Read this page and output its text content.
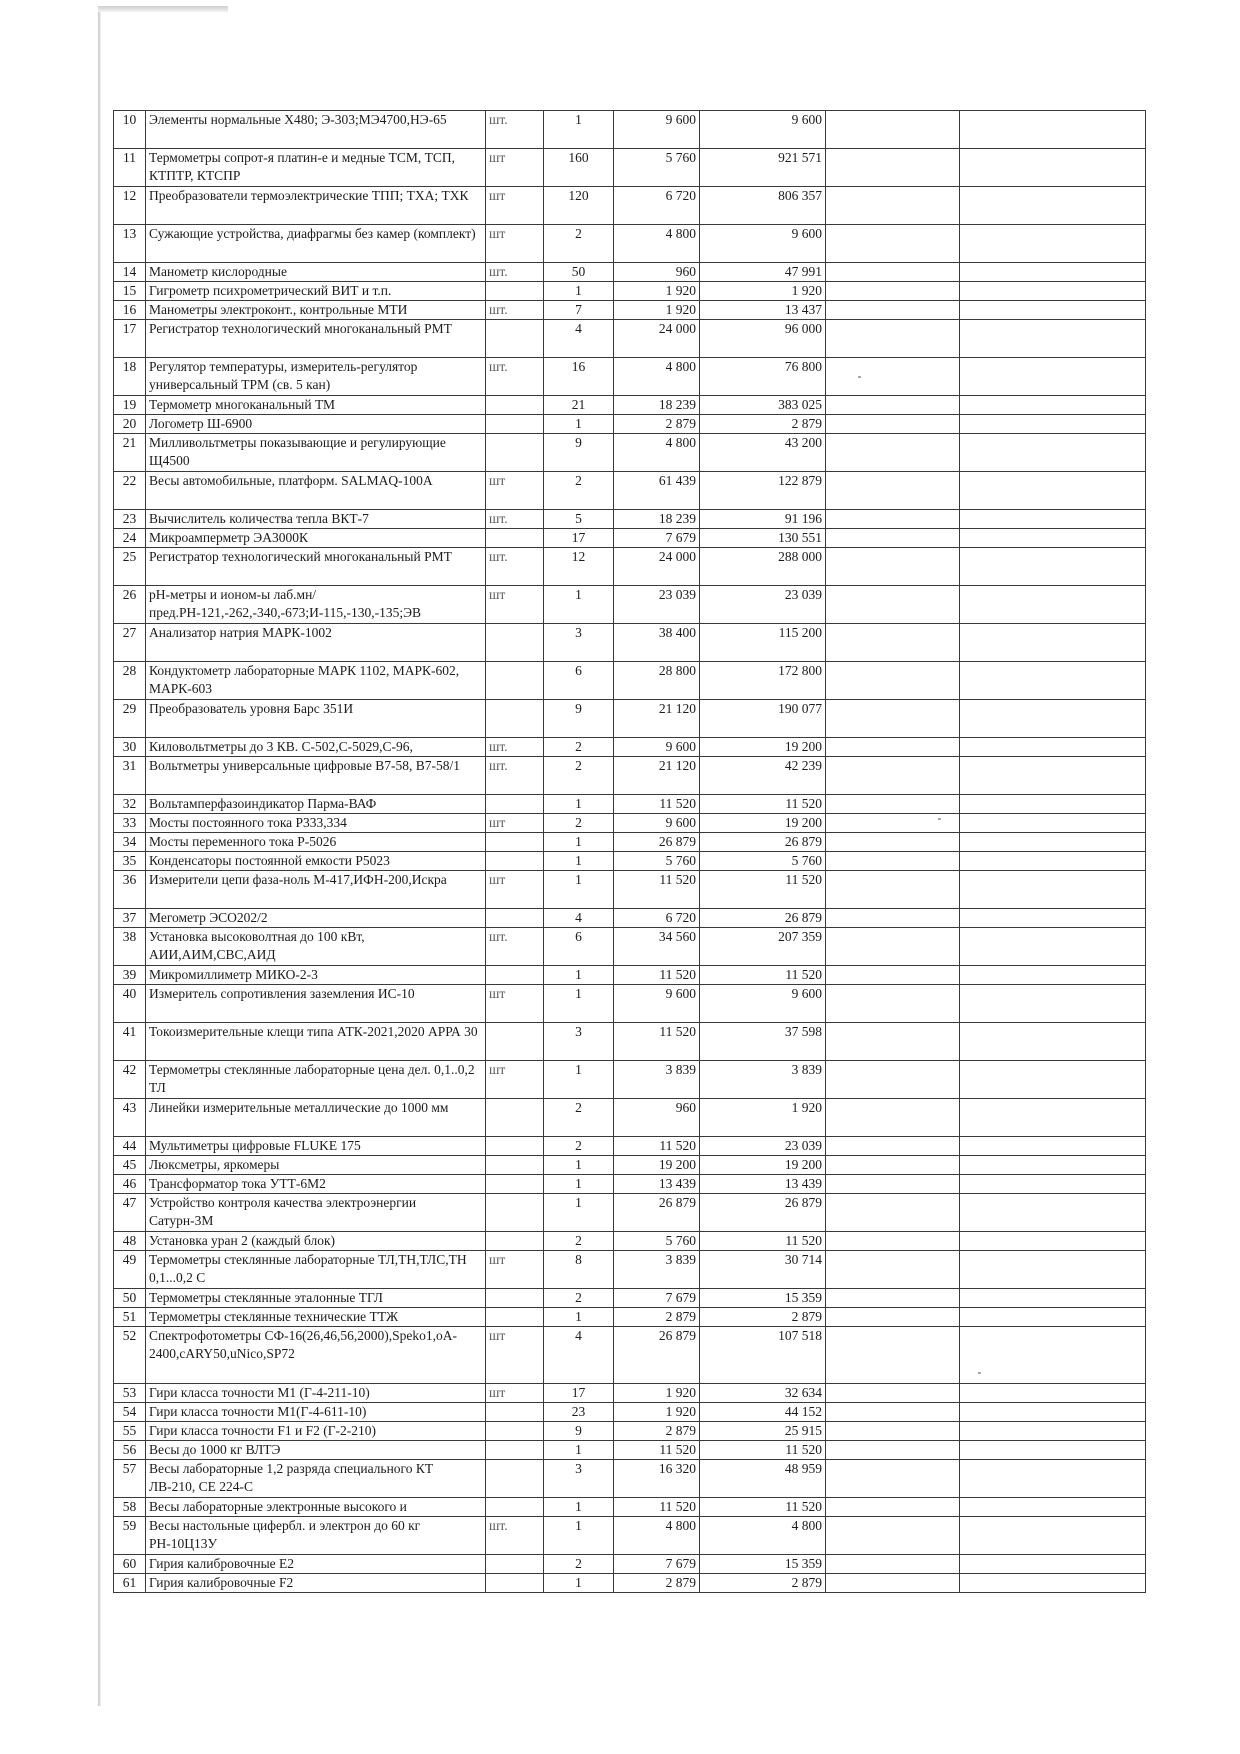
10	Элементы нормальные Х480; Э-303;МЭ4700,НЭ-65	шт.	1	9 600	9 600		
11	Термометры сопрот-я платин-е и медные ТСМ, ТСП, КТПТР, КТСПР	шт	160	5 760	921 571		
12	Преобразователи термоэлектрические ТПП; ТХА; ТХК	шт	120	6 720	806 357		
13	Сужающие устройства, диафрагмы без камер (комплект)	шт	2	4 800	9 600		
14	Манометр кислородные	шт.	50	960	47 991		
15	Гигрометр психрометрический ВИТ и т.п.		1	1 920	1 920		
16	Манометры электроконт., контрольные МТИ	шт.	7	1 920	13 437		
17	Регистратор технологический многоканальный РМТ		4	24 000	96 000		
18	Регулятор температуры, измеритель-регулятор универсальный ТРМ (св. 5 кан)	шт.	16	4 800	76 800		
19	Термометр многоканальный ТМ		21	18 239	383 025		
20	Логометр Ш-6900		1	2 879	2 879		
21	Милливольтметры показывающие и регулирующие Щ4500		9	4 800	43 200		
22	Весы автомобильные, платформ. SALMAQ-100A	шт	2	61 439	122 879		
23	Вычислитель количества тепла ВКТ-7	шт.	5	18 239	91 196		
24	Микроамперметр ЭА3000К		17	7 679	130 551		
25	Регистратор технологический многоканальный РМТ	шт.	12	24 000	288 000		
26	pH-метры и ионом-ы лаб.мн/пред.РН-121,-262,-340,-673;И-115,-130,-135;ЭВ	шт	1	23 039	23 039		
27	Анализатор натрия МАРК-1002		3	38 400	115 200		
28	Кондуктометр лабораторные МАРК 1102, МАРК-602, МАРК-603		6	28 800	172 800		
29	Преобразователь уровня Барс 351И		9	21 120	190 077		
30	Киловольтметры до 3 КВ. С-502,С-5029,С-96,	шт.	2	9 600	19 200		
31	Вольтметры универсальные цифровые В7-58, В7-58/1	шт.	2	21 120	42 239		
32	Вольтамперфазоиндикатор Парма-ВАФ		1	11 520	11 520		
33	Мосты постоянного тока Р333,334	шт	2	9 600	19 200		
34	Мосты переменного тока Р-5026		1	26 879	26 879		
35	Конденсаторы постоянной емкости Р5023		1	5 760	5 760		
36	Измерители цепи фаза-ноль М-417,ИФН-200,Искра	шт	1	11 520	11 520		
37	Мегометр ЭСО202/2		4	6 720	26 879		
38	Установка высоковолтная до 100 кВт, АИИ,АИМ,СВС,АИД	шт.	6	34 560	207 359		
39	Микромиллиметр МИКО-2-3		1	11 520	11 520		
40	Измеритель сопротивления заземления ИС-10	шт	1	9 600	9 600		
41	Токоизмерительные клещи типа АТК-2021,2020 АРРА 30		3	11 520	37 598		
42	Термометры стеклянные лабораторные цена дел. 0,1..0,2 ТЛ	шт	1	3 839	3 839		
43	Линейки измерительные металлические до 1000 мм		2	960	1 920		
44	Мультиметры цифровые FLUKE 175		2	11 520	23 039		
45	Люксметры, яркомеры		1	19 200	19 200		
46	Трансформатор тока УТТ-6М2		1	13 439	13 439		
47	Устройство контроля качества электроэнергии Сатурн-3М		1	26 879	26 879		
48	Установка уран 2 (каждый блок)		2	5 760	11 520		
49	Термометры стеклянные лабораторные ТЛ,ТН,ТЛС,ТН 0,1...0,2 С	шт	8	3 839	30 714		
50	Термометры стеклянные эталонные ТГЛ		2	7 679	15 359		
51	Термометры стеклянные технические ТТЖ		1	2 879	2 879		
52	Спектрофотометры СФ-16(26,46,56,2000),Speko1,oA-2400,cARY50,uNico,SP72	шт	4	26 879	107 518		
53	Гири класса точности М1 (Г-4-211-10)	шт	17	1 920	32 634		
54	Гири класса точности М1(Г-4-611-10)		23	1 920	44 152		
55	Гири класса точности F1 и F2 (Г-2-210)		9	2 879	25 915		
56	Весы до 1000 кг ВЛТЭ		1	11 520	11 520		
57	Весы лабораторные 1,2 разряда специального КТ ЛВ-210, СЕ 224-С		3	16 320	48 959		
58	Весы лабораторные электронные высокого и		1	11 520	11 520		
59	Весы настольные цифербл. и электрон до 60 кг РН-10Ц13У	шт.	1	4 800	4 800		
60	Гирия калибровочные Е2		2	7 679	15 359		
61	Гирия калибровочные F2		1	2 879	2 879		
